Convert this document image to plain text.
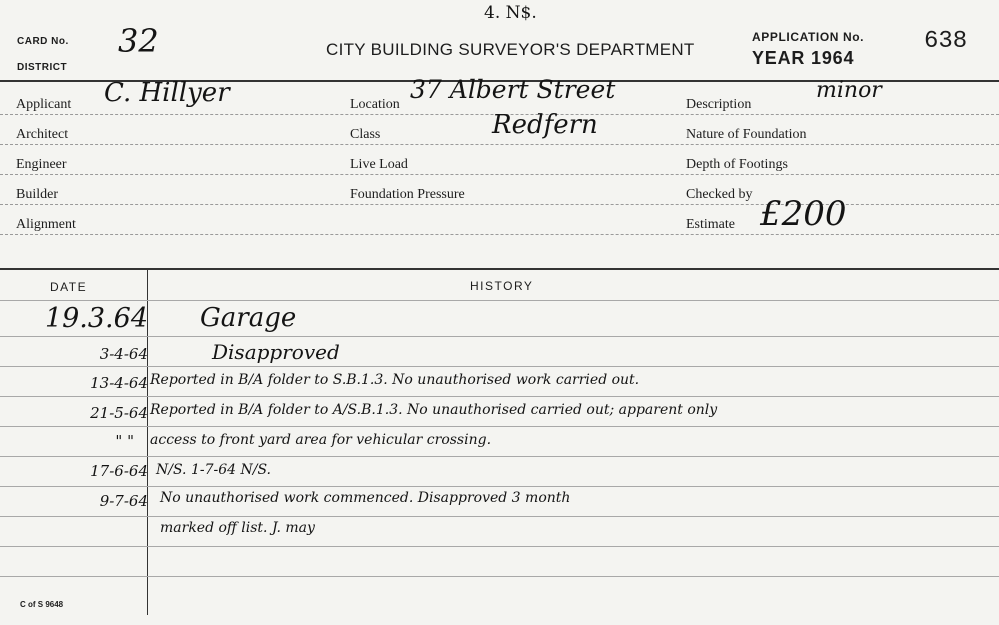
CARD No. 32
DISTRICT
4. N$.
CITY BUILDING SURVEYOR'S DEPARTMENT
APPLICATION No. 638
YEAR 1964
Applicant C. Hillyer
Architect
Engineer
Builder
Alignment
Location
37 Albert Street
Class	Redfern
Live Load
Foundation Pressure
Description
minor
Nature of Foundation
Depth of Footings
Checked by
Estimate £200
DATE	HISTORY
19.3.64 Garage
3-4-64	Disapproved
13-4-64 Reported in B/A folder to S.B.1.3. No unauthorised work carried out.
21-5-64 Reported in B/A folder to A/S.B.1.3. No unauthorised carried out; apparent only
" "	access to front yard area for vehicular crossing.
17-6-64 N/S. 1-7-64 N/S.
9-7-64 No unauthorised work commenced. Disapproved 3 month
marked off list. J. may
C of S 9648
